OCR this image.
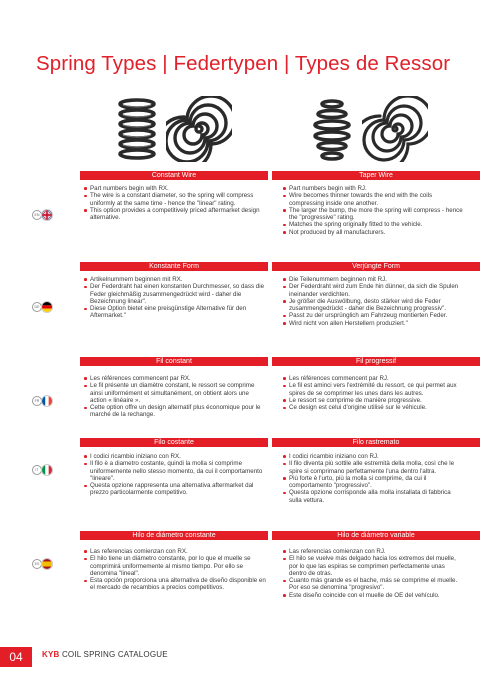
Spring Types | Federtypen | Types de Ressor
Constant Wire	Taper Wire
EN
Part numbers begin with RX.
The wire is a constant diameter, so the spring will compress uniformly at the same time - hence the "linear" rating.
This option provides a competitively priced aftermarket design alternative.
Part numbers begin with RJ.
Wire becomes thinner towards the end with the coils compressing inside one another.
The larger the bump, the more the spring will compress - hence the "progressive" rating.
Matches the spring originally fitted to the vehicle.
Not produced by all manufacturers.
Konstante Form	Verjüngte Form
DE
Artikelnummern beginnen mit RX.
Der Federdraht hat einen konstanten Durchmesser, so dass die Feder gleichmäßig zusammengedrückt wird - daher die Bezeichnung linear".
Diese Option bietet eine preisgünstige Alternative für den Aftermarket."
Die Teilenummern beginnen mit RJ.
Der Federdraht wird zum Ende hin dünner, da sich die Spulen ineinander verdichten.
Je größer die Auswölbung, desto stärker wird die Feder zusammengedrückt - daher die Bezeichnung progressiv".
Passt zu der ursprünglich am Fahrzeug montierten Feder.
Wird nicht von allen Herstellern produziert."
Fil constant	Fil progressif
FR
Les références commencent par RX.
Le fil présente un diamètre constant, le ressort se comprime ainsi uniformément et simultanément, on obtient alors une action « linéaire ».
Cette option offre un design alternatif plus économique pour le marché de la rechange.
Les références commencent par RJ.
Le fil est aminci vers l'extrémité du ressort, ce qui permet aux spires de se comprimer les unes dans les autres.
Le ressort se comprime de manière progressive.
Ce design est celui d'origine utilisé sur le véhicule.
Filo costante	Filo rastremato
IT
I codici ricambio iniziano con RX.
Il filo è a diametro costante, quindi la molla si comprime uniformemente nello stesso momento, da cui il comportamento "lineare".
Questa opzione rappresenta una alternativa aftermarket dal prezzo particolarmente competitivo.
I codici ricambio iniziano con RJ.
Il filo diventa più sottile alle estremità della molla, così che le spire si comprimano perfettamente l'una dentro l'altra.
Più forte è l'urto, più la molla si comprime, da cui il comportamento "progressivo".
Questa opzione corrisponde alla molla installata di fabbrica sulla vettura.
Hilo de diámetro constante	Hilo de diámetro variable
ES
Las referencias comienzan con RX.
El hilo tiene un diámetro constante, por lo que el muelle se comprimirá uniformemente al mismo tiempo. Por ello se denomina "lineal".
Esta opción proporciona una alternativa de diseño disponible en el mercado de recambios a precios competitivos.
Las referencias comienzan con RJ.
El hilo se vuelve más delgado hacia los extremos del muelle, por lo que las espiras se comprimen perfectamente unas dentro de otras.
Cuanto más grande es el bache, más se comprime el muelle. Por eso se denomina "progresivo".
Este diseño coincide con el muelle de OE del vehículo.
04	KYB COIL SPRING CATALOGUE
